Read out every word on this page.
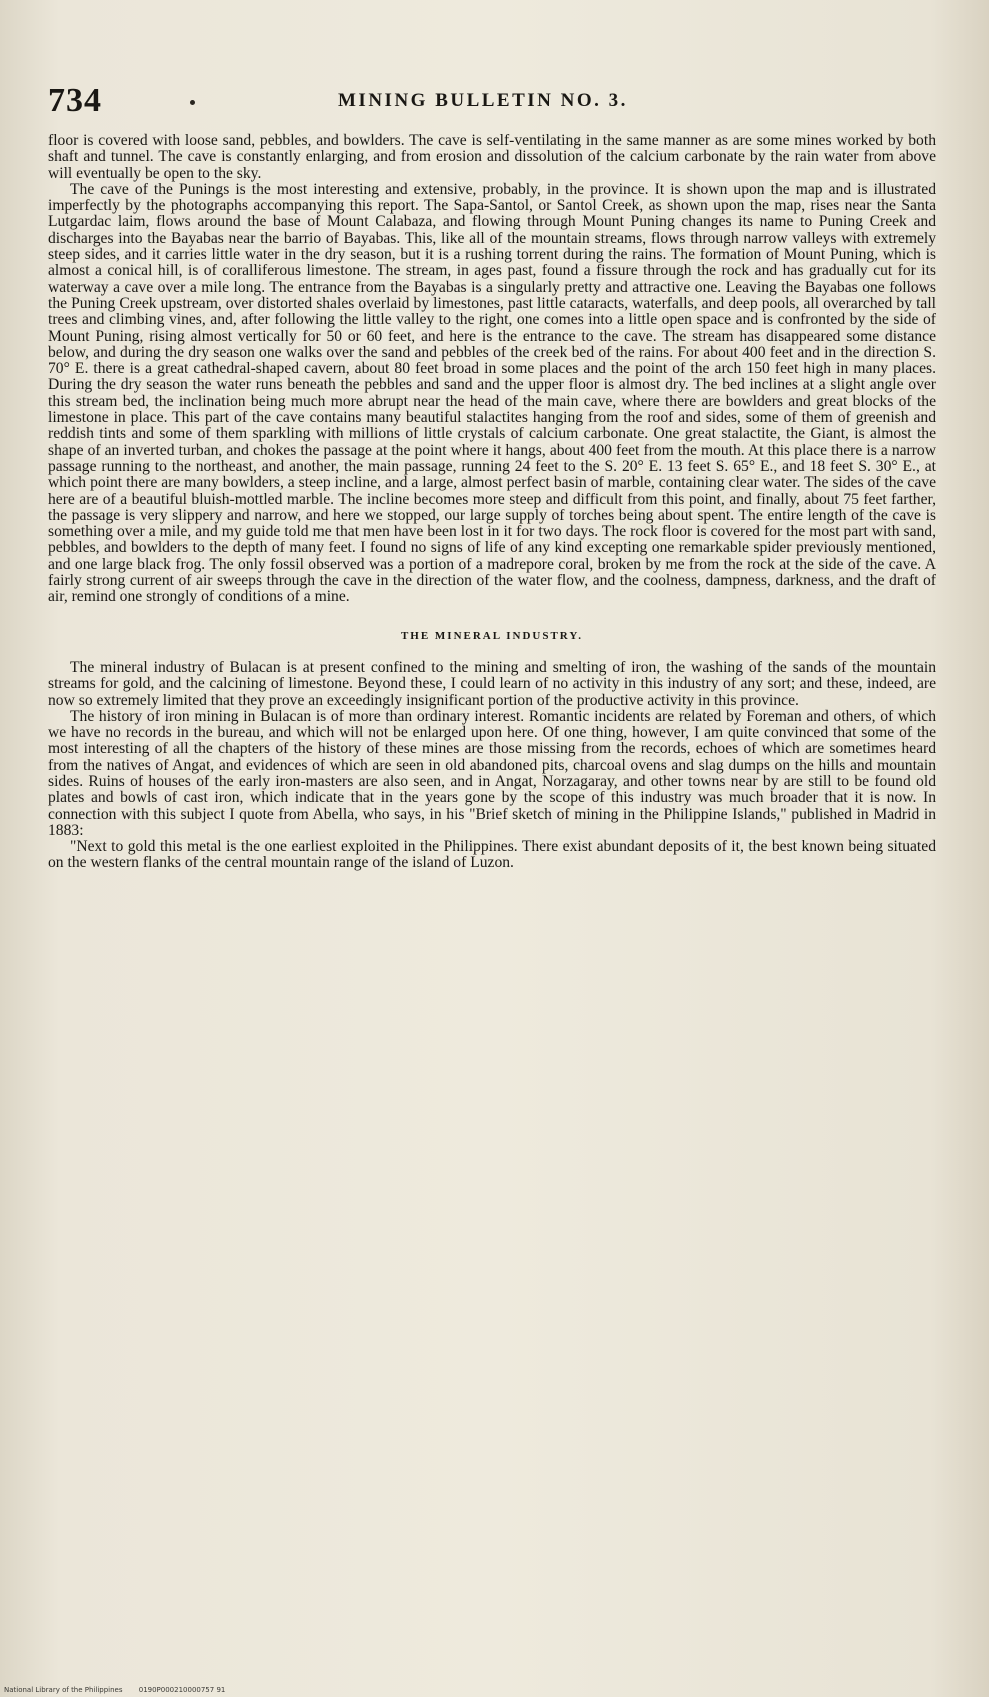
734	MINING BULLETIN NO. 3.

floor is covered with loose sand, pebbles, and bowlders. The cave is self-ventilating in the same manner as are some mines worked by both shaft and tunnel. The cave is constantly enlarging, and from erosion and dissolution of the calcium carbonate by the rain water from above will eventually be open to the sky.

The cave of the Punings is the most interesting and extensive, probably, in the province. It is shown upon the map and is illustrated imperfectly by the photographs accompanying this report. The Sapa-Santol, or Santol Creek, as shown upon the map, rises near the Santa Lutgardac laim, flows around the base of Mount Calabaza, and flowing through Mount Puning changes its name to Puning Creek and discharges into the Bayabas near the barrio of Bayabas. This, like all of the mountain streams, flows through narrow valleys with extremely steep sides, and it carries little water in the dry season, but it is a rushing torrent during the rains. The formation of Mount Puning, which is almost a conical hill, is of coralliferous limestone. The stream, in ages past, found a fissure through the rock and has gradually cut for its waterway a cave over a mile long. The entrance from the Bayabas is a singularly pretty and attractive one. Leaving the Bayabas one follows the Puning Creek upstream, over distorted shales overlaid by limestones, past little cataracts, waterfalls, and deep pools, all overarched by tall trees and climbing vines, and, after following the little valley to the right, one comes into a little open space and is confronted by the side of Mount Puning, rising almost vertically for 50 or 60 feet, and here is the entrance to the cave. The stream has disappeared some distance below, and during the dry season one walks over the sand and pebbles of the creek bed of the rains. For about 400 feet and in the direction S. 70° E. there is a great cathedral-shaped cavern, about 80 feet broad in some places and the point of the arch 150 feet high in many places. During the dry season the water runs beneath the pebbles and sand and the upper floor is almost dry. The bed inclines at a slight angle over this stream bed, the inclination being much more abrupt near the head of the main cave, where there are bowlders and great blocks of the limestone in place. This part of the cave contains many beautiful stalactites hanging from the roof and sides, some of them of greenish and reddish tints and some of them sparkling with millions of little crystals of calcium carbonate. One great stalactite, the Giant, is almost the shape of an inverted turban, and chokes the passage at the point where it hangs, about 400 feet from the mouth. At this place there is a narrow passage running to the northeast, and another, the main passage, running 24 feet to the S. 20° E. 13 feet S. 65° E., and 18 feet S. 30° E., at which point there are many bowlders, a steep incline, and a large, almost perfect basin of marble, containing clear water. The sides of the cave here are of a beautiful bluish-mottled marble. The incline becomes more steep and difficult from this point, and finally, about 75 feet farther, the passage is very slippery and narrow, and here we stopped, our large supply of torches being about spent. The entire length of the cave is something over a mile, and my guide told me that men have been lost in it for two days. The rock floor is covered for the most part with sand, pebbles, and bowlders to the depth of many feet. I found no signs of life of any kind excepting one remarkable spider previously mentioned, and one large black frog. The only fossil observed was a portion of a madrepore coral, broken by me from the rock at the side of the cave. A fairly strong current of air sweeps through the cave in the direction of the water flow, and the coolness, dampness, darkness, and the draft of air, remind one strongly of conditions of a mine.

THE MINERAL INDUSTRY.

The mineral industry of Bulacan is at present confined to the mining and smelting of iron, the washing of the sands of the mountain streams for gold, and the calcining of limestone. Beyond these, I could learn of no activity in this industry of any sort; and these, indeed, are now so extremely limited that they prove an exceedingly insignificant portion of the productive activity in this province.

The history of iron mining in Bulacan is of more than ordinary interest. Romantic incidents are related by Foreman and others, of which we have no records in the bureau, and which will not be enlarged upon here. Of one thing, however, I am quite convinced that some of the most interesting of all the chapters of the history of these mines are those missing from the records, echoes of which are sometimes heard from the natives of Angat, and evidences of which are seen in old abandoned pits, charcoal ovens and slag dumps on the hills and mountain sides. Ruins of houses of the early iron-masters are also seen, and in Angat, Norzagaray, and other towns near by are still to be found old plates and bowls of cast iron, which indicate that in the years gone by the scope of this industry was much broader that it is now. In connection with this subject I quote from Abella, who says, in his "Brief sketch of mining in the Philippine Islands," published in Madrid in 1883:

"Next to gold this metal is the one earliest exploited in the Philippines. There exist abundant deposits of it, the best known being situated on the western flanks of the central mountain range of the island of Luzon.

National Library of the Philippines 0190P000210000757 91
